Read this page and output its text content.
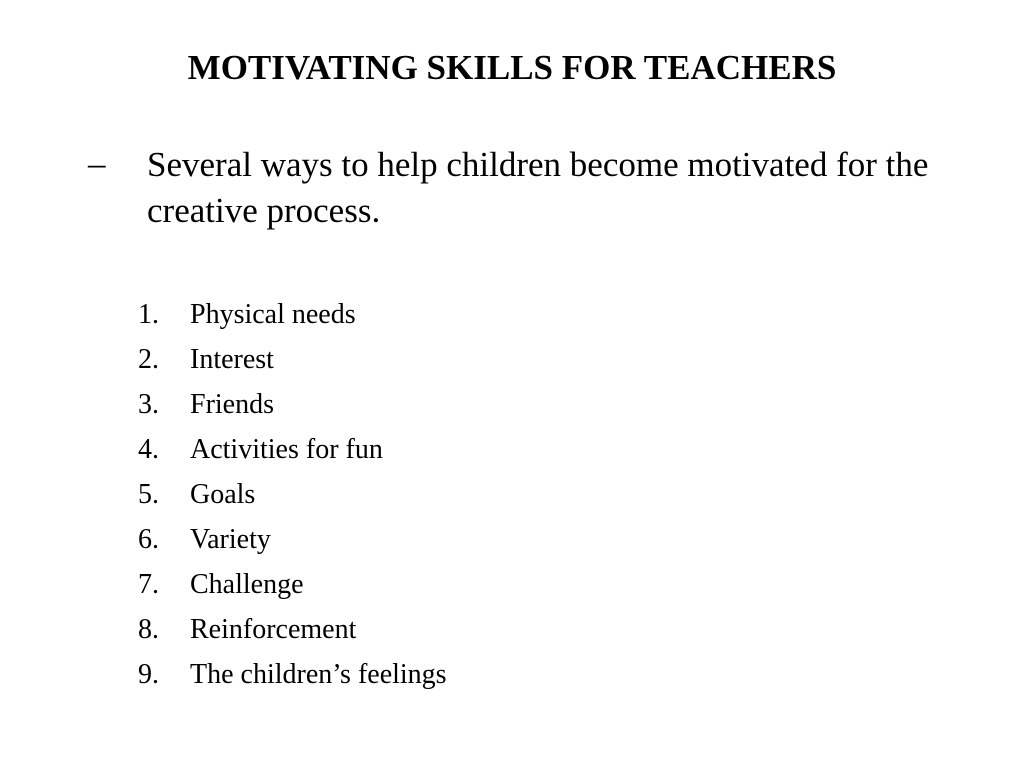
MOTIVATING SKILLS FOR TEACHERS
– Several ways to help children become motivated for the creative process.
1.	Physical needs
2.	Interest
3.	Friends
4.	Activities for fun
5.	Goals
6.	Variety
7.	Challenge
8.	Reinforcement
9.	The children’s feelings
